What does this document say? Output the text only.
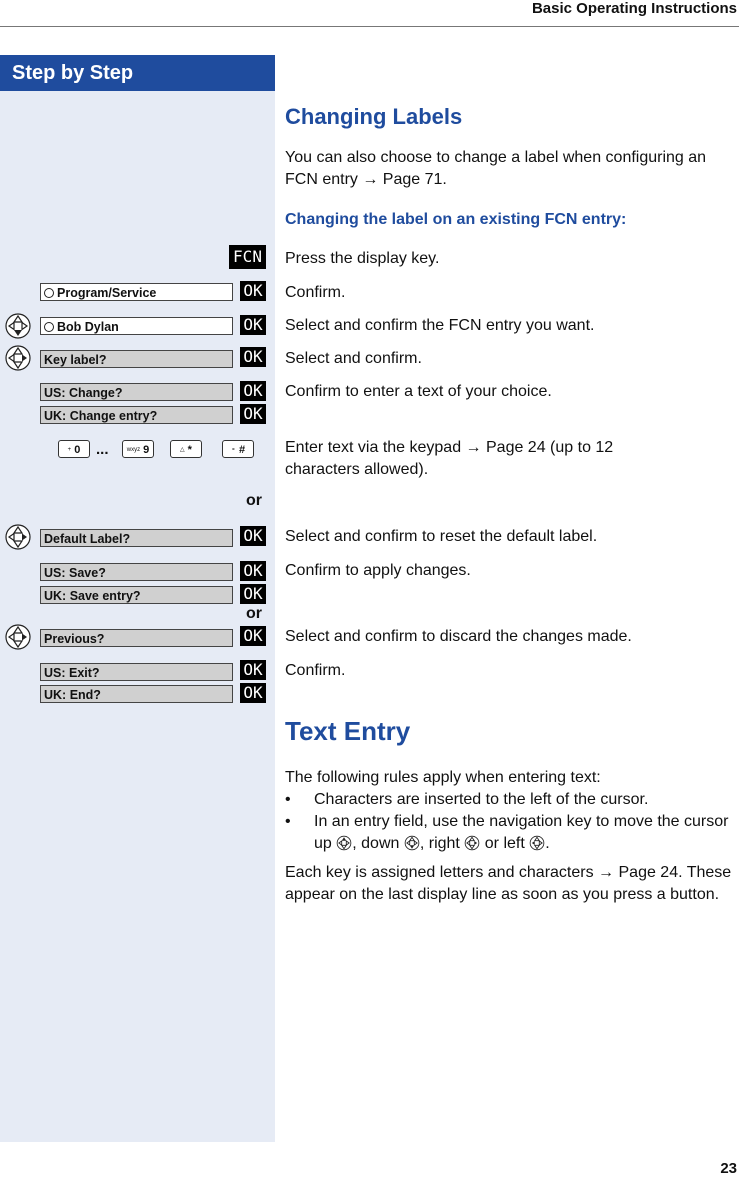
Basic Operating Instructions
Step by Step
Changing Labels
You can also choose to change a label when configuring an FCN entry → Page 71.
Changing the label on an existing FCN entry:
FCN Press the display key.
Program/Service	OK Confirm.
Bob Dylan	OK Select and confirm the FCN entry you want.
Key label?	OK Select and confirm.
US: Change?	OK
UK: Change entry?	OK
Confirm to enter a text of your choice.
+ 0	...	wxyz 9	△ *	⚬ #	Enter text via the keypad → Page 24 (up to 12 characters allowed).
or
Default Label?	OK Select and confirm to reset the default label.
US: Save?	OK
UK: Save entry?	OK
Confirm to apply changes.
or
Previous?	OK Select and confirm to discard the changes made.
US: Exit?	OK
UK: End?	OK
Confirm.
Text Entry
The following rules apply when entering text:
• Characters are inserted to the left of the cursor.
• In an entry field, use the navigation key to move the cursor up , down , right or left .
Each key is assigned letters and characters → Page 24. These appear on the last display line as soon as you press a button.
23
